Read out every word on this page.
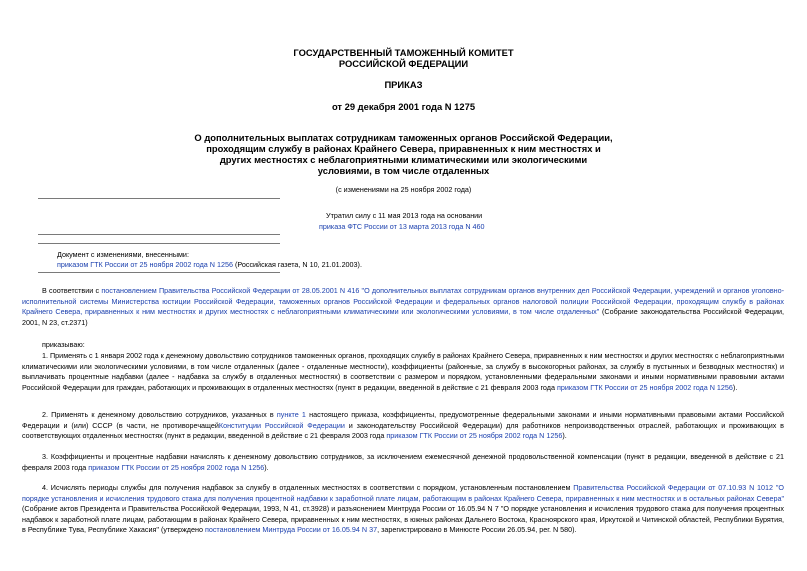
ГОСУДАРСТВЕННЫЙ ТАМОЖЕННЫЙ КОМИТЕТ
РОССИЙСКОЙ ФЕДЕРАЦИИ
ПРИКАЗ
от 29 декабря 2001 года N 1275
О дополнительных выплатах сотрудникам таможенных органов Российской Федерации,
проходящим службу в районах Крайнего Севера, приравненных к ним местностях и
других местностях с неблагоприятными климатическими или экологическими
условиями, в том числе отдаленных
(с изменениями на 25 ноября 2002 года)
Утратил силу с 11 мая 2013 года на основании
приказа ФТС России от 13 марта 2013 года N 460
Документ с изменениями, внесенными:
приказом ГТК России от 25 ноября 2002 года N 1256 (Российская газета, N 10, 21.01.2003).
В соответствии с постановлением Правительства Российской Федерации от 28.05.2001 N 416 "О дополнительных выплатах сотрудникам органов внутренних дел Российской Федерации, учреждений и органов уголовно-исполнительной системы Министерства юстиции Российской Федерации, таможенных органов Российской Федерации и федеральных органов налоговой полиции Российской Федерации, проходящим службу в районах Крайнего Севера, приравненных к ним местностях и других местностях с неблагоприятными климатическими или экологическими условиями, в том числе отдаленных" (Собрание законодательства Российской Федерации, 2001, N 23, ст.2371)
приказываю:
1. Применять с 1 января 2002 года к денежному довольствию сотрудников таможенных органов, проходящих службу в районах Крайнего Севера, приравненных к ним местностях и других местностях с неблагоприятными климатическими или экологическими условиями, в том числе отдаленных (далее - отдаленные местности), коэффициенты (районные, за службу в высокогорных районах, за службу в пустынных и безводных местностях) и выплачивать процентные надбавки (далее - надбавка за службу в отдаленных местностях) в соответствии с размером и порядком, установленными федеральными законами и иными нормативными правовыми актами Российской Федерации для граждан, работающих и проживающих в отдаленных местностях (пункт в редакции, введенной в действие с 21 февраля 2003 года приказом ГТК России от 25 ноября 2002 года N 1256).
2. Применять к денежному довольствию сотрудников, указанных в пункте 1 настоящего приказа, коэффициенты, предусмотренные федеральными законами и иными нормативными правовыми актами Российской Федерации и (или) СССР (в части, не противоречащейКонституции Российской Федерации и законодательству Российской Федерации) для работников непроизводственных отраслей, работающих и проживающих в соответствующих отдаленных местностях (пункт в редакции, введенной в действие с 21 февраля 2003 года приказом ГТК России от 25 ноября 2002 года N 1256).
3. Коэффициенты и процентные надбавки начислять к денежному довольствию сотрудников, за исключением ежемесячной денежной продовольственной компенсации (пункт в редакции, введенной в действие с 21 февраля 2003 года приказом ГТК России от 25 ноября 2002 года N 1256).
4. Исчислять периоды службы для получения надбавок за службу в отдаленных местностях в соответствии с порядком, установленным постановлением Правительства Российской Федерации от 07.10.93 N 1012 "О порядке установления и исчисления трудового стажа для получения процентной надбавки к заработной плате лицам, работающим в районах Крайнего Севера, приравненных к ним местностях и в остальных районах Севера" (Собрание актов Президента и Правительства Российской Федерации, 1993, N 41, ст.3928) и разъяснением Минтруда России от 16.05.94 N 7 "О порядке установления и исчисления трудового стажа для получения процентных надбавок к заработной плате лицам, работающим в районах Крайнего Севера, приравненных к ним местностях, в южных районах Дальнего Востока, Красноярского края, Иркутской и Читинской областей, Республики Бурятия, в Республике Тува, Республике Хакасия" (утверждено постановлением Минтруда России от 16.05.94 N 37, зарегистрировано в Минюсте России 26.05.94, рег. N 580).
